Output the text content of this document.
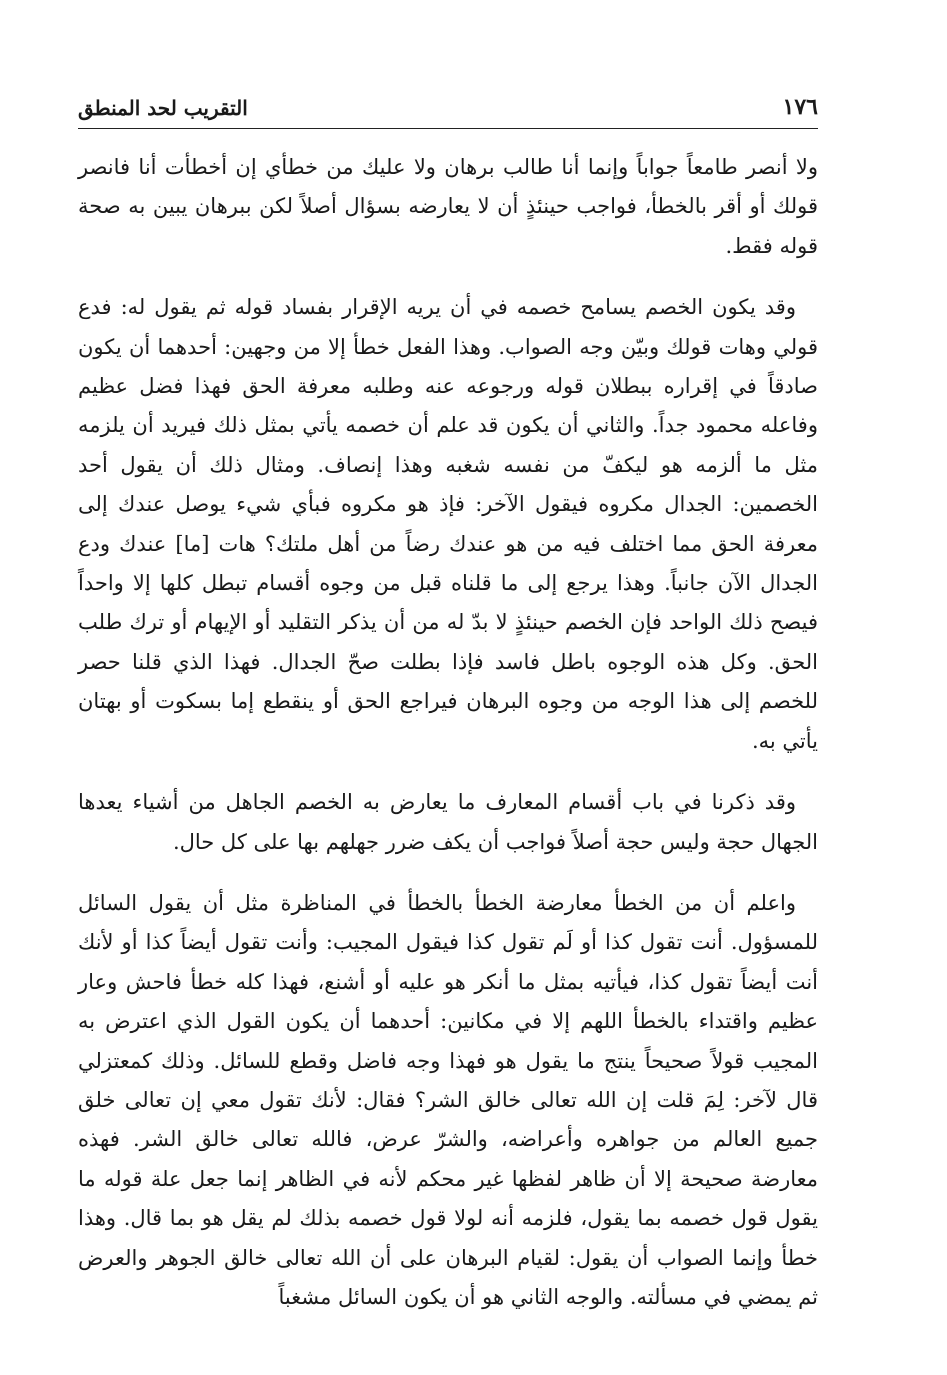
١٧٦
التقريب لحد المنطق

ولا أنصر طامعاً جواباً وإنما أنا طالب برهان ولا عليك من خطأي إن أخطأت أنا فانصر قولك أو أقر بالخطأ، فواجب حينئذٍ أن لا يعارضه بسؤال أصلاً لكن ببرهان يبين به صحة قوله فقط.

وقد يكون الخصم يسامح خصمه في أن يريه الإقرار بفساد قوله ثم يقول له: فدع قولي وهات قولك وبيّن وجه الصواب. وهذا الفعل خطأ إلا من وجهين: أحدهما أن يكون صادقاً في إقراره ببطلان قوله ورجوعه عنه وطلبه معرفة الحق فهذا فضل عظيم وفاعله محمود جداً. والثاني أن يكون قد علم أن خصمه يأتي بمثل ذلك فيريد أن يلزمه مثل ما ألزمه هو ليكفّ من نفسه شغبه وهذا إنصاف. ومثال ذلك أن يقول أحد الخصمين: الجدال مكروه فيقول الآخر: فإذ هو مكروه فبأي شيء يوصل عندك إلى معرفة الحق مما اختلف فيه من هو عندك رضاً من أهل ملتك؟ هات [ما] عندك ودع الجدال الآن جانباً. وهذا يرجع إلى ما قلناه قبل من وجوه أقسام تبطل كلها إلا واحداً فيصح ذلك الواحد فإن الخصم حينئذٍ لا بدّ له من أن يذكر التقليد أو الإيهام أو ترك طلب الحق. وكل هذه الوجوه باطل فاسد فإذا بطلت صحّ الجدال. فهذا الذي قلنا حصر للخصم إلى هذا الوجه من وجوه البرهان فيراجع الحق أو ينقطع إما بسكوت أو بهتان يأتي به.

وقد ذكرنا في باب أقسام المعارف ما يعارض به الخصم الجاهل من أشياء يعدها الجهال حجة وليس حجة أصلاً فواجب أن يكف ضرر جهلهم بها على كل حال.

واعلم أن من الخطأ معارضة الخطأ بالخطأ في المناظرة مثل أن يقول السائل للمسؤول. أنت تقول كذا أو لَم تقول كذا فيقول المجيب: وأنت تقول أيضاً كذا أو لأنك أنت أيضاً تقول كذا، فيأتيه بمثل ما أنكر هو عليه أو أشنع، فهذا كله خطأ فاحش وعار عظيم واقتداء بالخطأ اللهم إلا في مكانين: أحدهما أن يكون القول الذي اعترض به المجيب قولاً صحيحاً ينتج ما يقول هو فهذا وجه فاضل وقطع للسائل. وذلك كمعتزلي قال لآخر: لِمَ قلت إن الله تعالى خالق الشر؟ فقال: لأنك تقول معي إن تعالى خلق جميع العالم من جواهره وأعراضه، والشرّ عرض، فالله تعالى خالق الشر. فهذه معارضة صحيحة إلا أن ظاهر لفظها غير محكم لأنه في الظاهر إنما جعل علة قوله ما يقول قول خصمه بما يقول، فلزمه أنه لولا قول خصمه بذلك لم يقل هو بما قال. وهذا خطأ وإنما الصواب أن يقول: لقيام البرهان على أن الله تعالى خالق الجوهر والعرض ثم يمضي في مسألته. والوجه الثاني هو أن يكون السائل مشغباً
